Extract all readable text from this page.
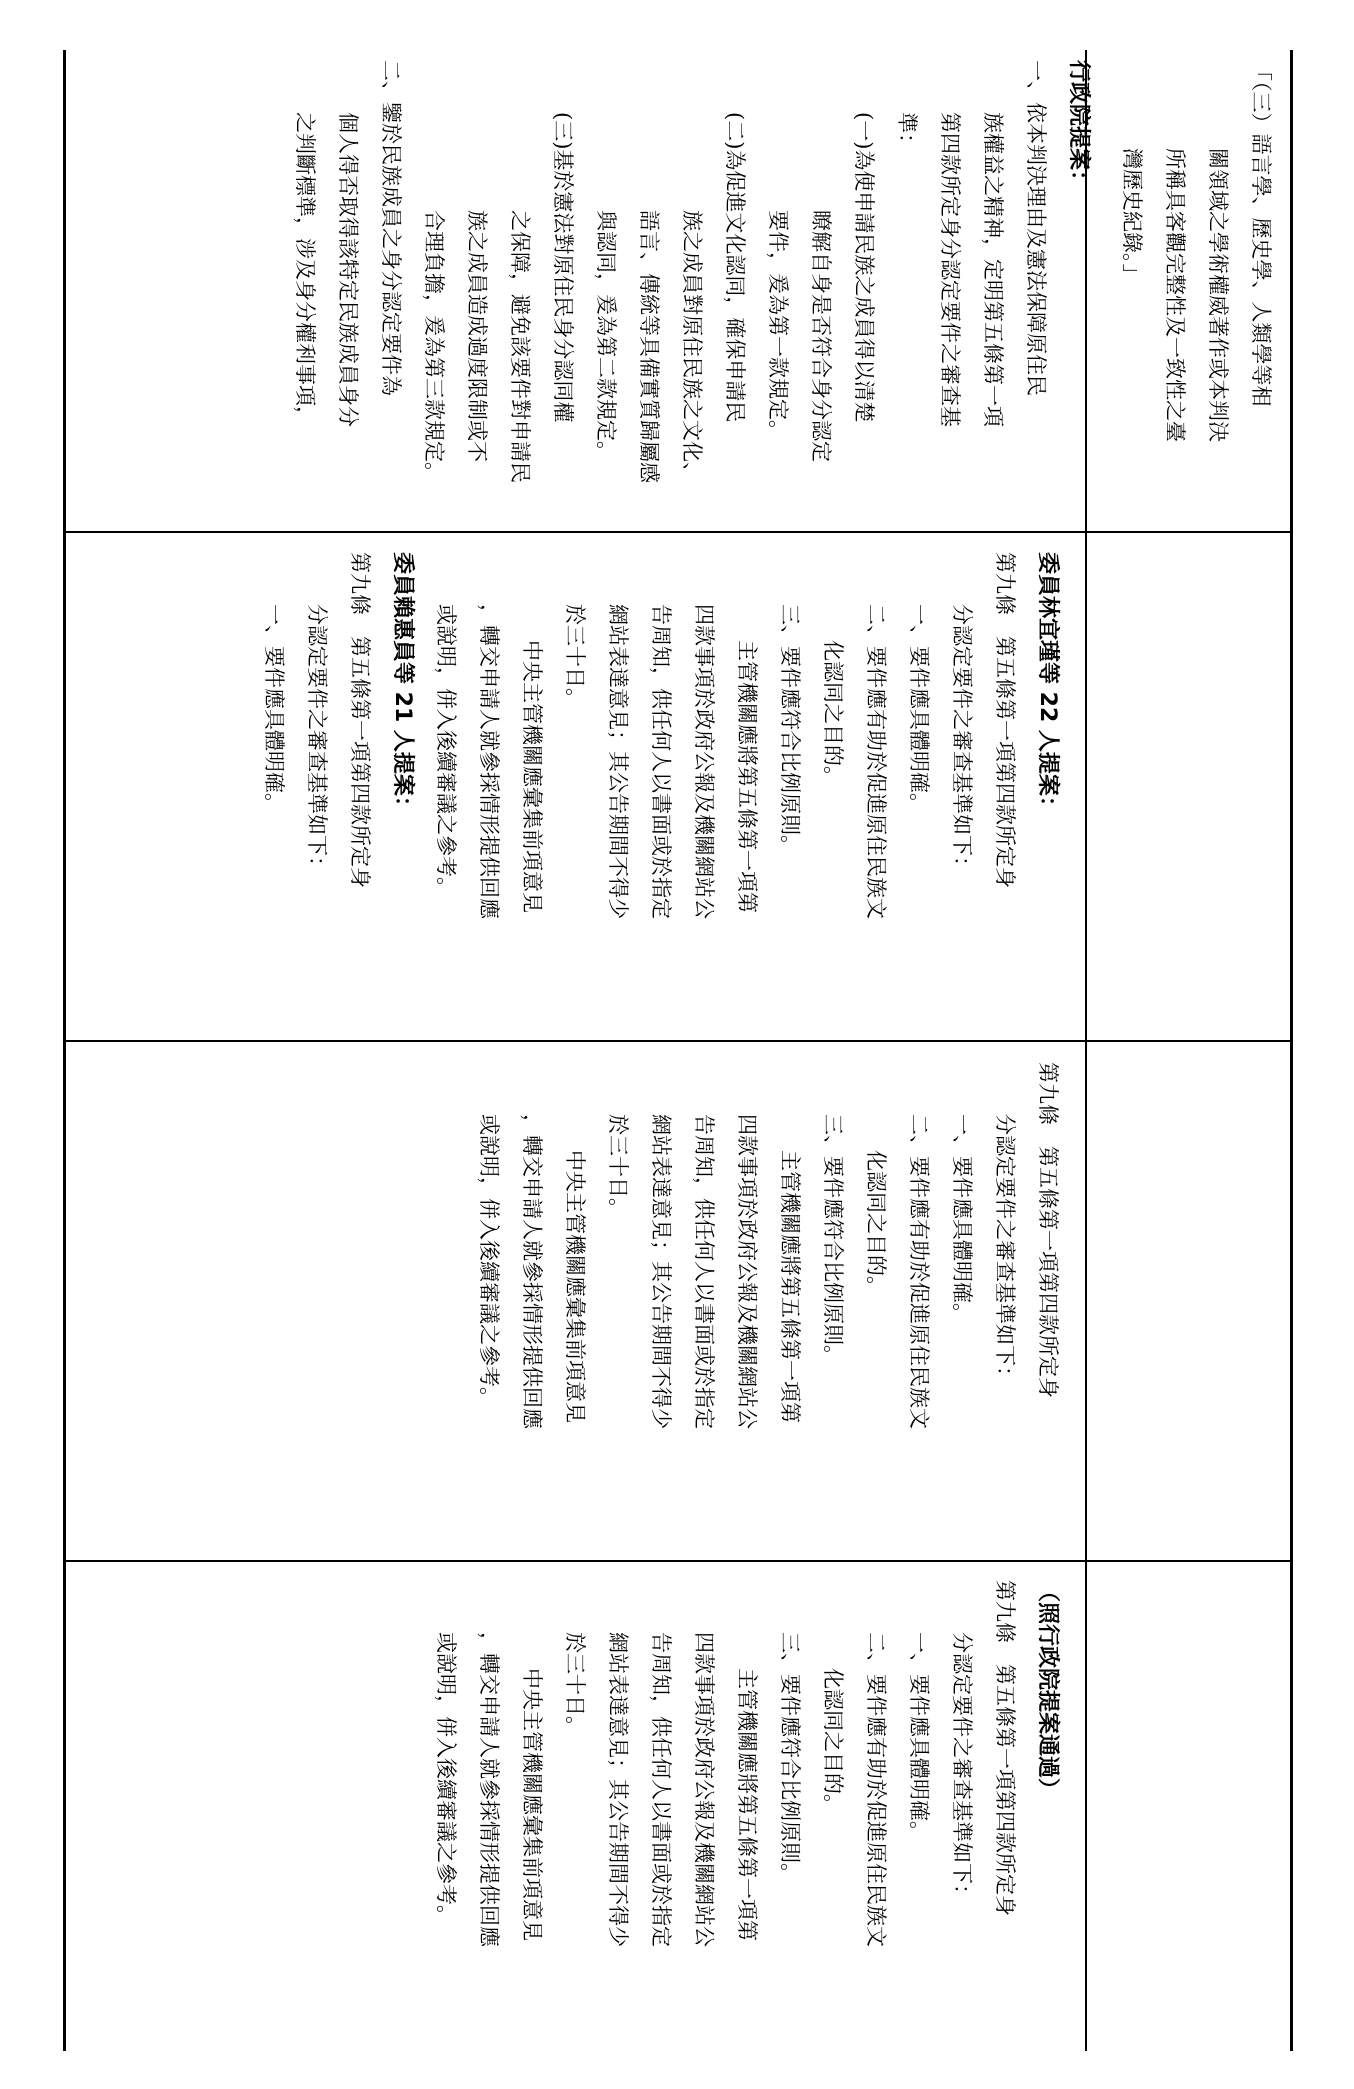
「（三）語言學、歷史學、人類學等相

關領域之學術權威著作或本判決

所稱具客觀完整性及一致性之臺

灣歷史紀錄。」

行政院提案：

一、依本判決理由及憲法保障原住民

族權益之精神，定明第五條第一項

第四款所定身分認定要件之審查基

準：

(一)為使申請民族之成員得以清楚

瞭解自身是否符合身分認定

要件，爰為第一款規定。

(二)為促進文化認同，確保申請民

族之成員對原住民族之文化、

語言、傳統等具備實質歸屬感

與認同，爰為第二款規定。

(三)基於憲法對原住民身分認同權

之保障，避免該要件對申請民

族之成員造成過度限制或不

合理負擔，爰為第三款規定。

二、鑒於民族成員之身分認定要件為

個人得否取得該特定民族成員身分

之判斷標準，涉及身分權利事項，

委員林宜瑾等 22 人提案：

第九條　第五條第一項第四款所定身

分認定要件之審查基準如下：

一、要件應具體明確。

二、要件應有助於促進原住民族文

化認同之目的。

三、要件應符合比例原則。

主管機關應將第五條第一項第

四款事項於政府公報及機關網站公

告周知，供任何人以書面或於指定

網站表達意見；其公告期間不得少

於三十日。

中央主管機關應彙集前項意見

，轉交申請人就參採情形提供回應

或說明，併入後續審議之參考。

委員賴惠員等 21 人提案：

第九條　第五條第一項第四款所定身

分認定要件之審查基準如下：

一、要件應具體明確。

第九條　第五條第一項第四款所定身

分認定要件之審查基準如下：

一、要件應具體明確。

二、要件應有助於促進原住民族文

化認同之目的。

三、要件應符合比例原則。

主管機關應將第五條第一項第

四款事項於政府公報及機關網站公

告周知，供任何人以書面或於指定

網站表達意見；其公告期間不得少

於三十日。

中央主管機關應彙集前項意見

，轉交申請人就參採情形提供回應

或說明，併入後續審議之參考。

（照行政院提案通過）

第九條　第五條第一項第四款所定身

分認定要件之審查基準如下：

一、要件應具體明確。

二、要件應有助於促進原住民族文

化認同之目的。

三、要件應符合比例原則。

主管機關應將第五條第一項第

四款事項於政府公報及機關網站公

告周知，供任何人以書面或於指定

網站表達意見；其公告期間不得少

於三十日。

中央主管機關應彙集前項意見

，轉交申請人就參採情形提供回應

或說明，併入後續審議之參考。
